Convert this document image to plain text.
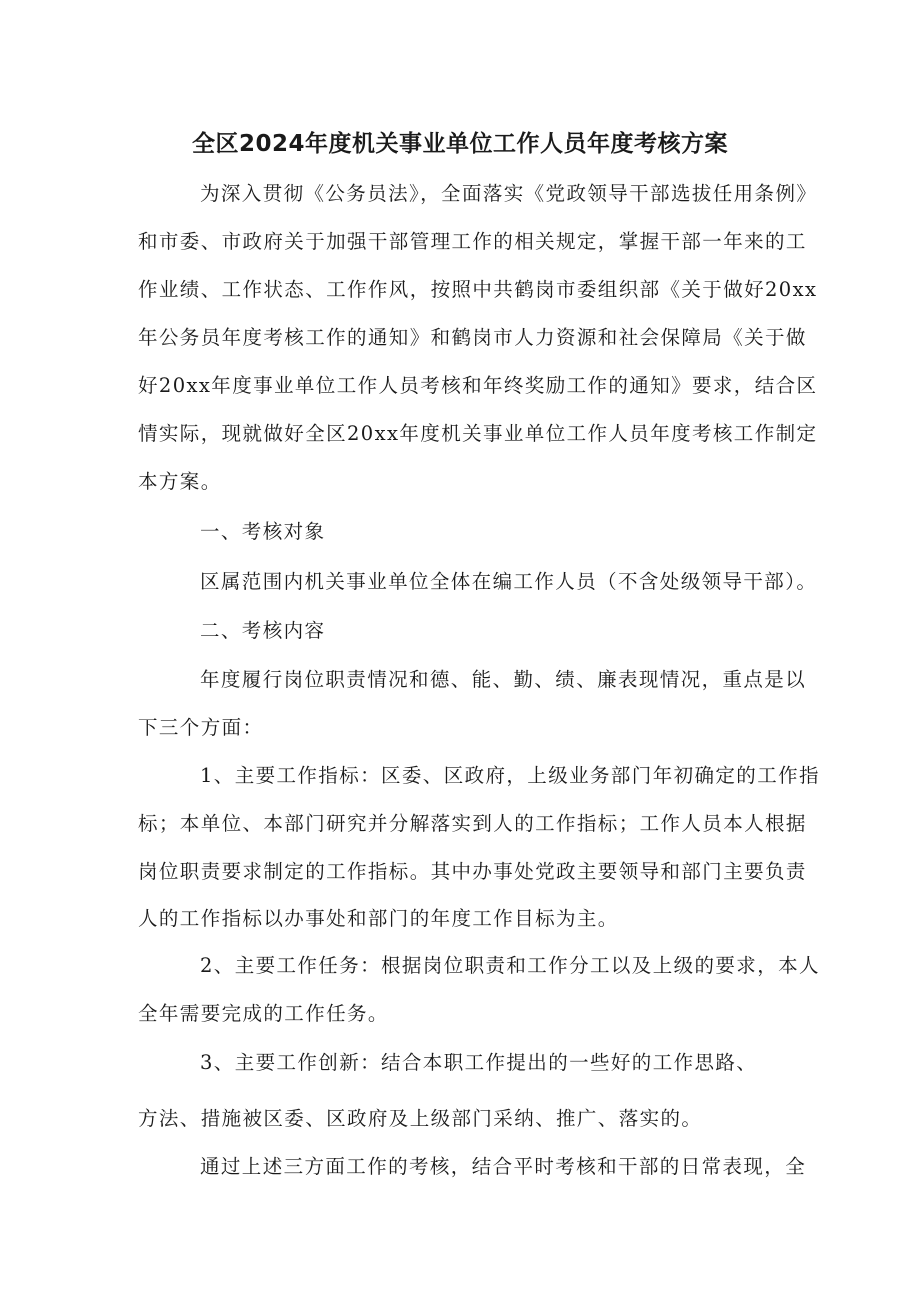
全区2024年度机关事业单位工作人员年度考核方案
为深入贯彻《公务员法》，全面落实《党政领导干部选拔任用条例》
和市委、市政府关于加强干部管理工作的相关规定，掌握干部一年来的工
作业绩、工作状态、工作作风，按照中共鹤岗市委组织部《关于做好20xx
年公务员年度考核工作的通知》和鹤岗市人力资源和社会保障局《关于做
好20xx年度事业单位工作人员考核和年终奖励工作的通知》要求，结合区
情实际，现就做好全区20xx年度机关事业单位工作人员年度考核工作制定
本方案。
一、考核对象
区属范围内机关事业单位全体在编工作人员（不含处级领导干部）。
二、考核内容
年度履行岗位职责情况和德、能、勤、绩、廉表现情况，重点是以
下三个方面：
1、主要工作指标：区委、区政府，上级业务部门年初确定的工作指
标；本单位、本部门研究并分解落实到人的工作指标；工作人员本人根据
岗位职责要求制定的工作指标。其中办事处党政主要领导和部门主要负责
人的工作指标以办事处和部门的年度工作目标为主。
2、主要工作任务：根据岗位职责和工作分工以及上级的要求，本人
全年需要完成的工作任务。
3、主要工作创新：结合本职工作提出的一些好的工作思路、
方法、措施被区委、区政府及上级部门采纳、推广、落实的。
通过上述三方面工作的考核，结合平时考核和干部的日常表现，全
